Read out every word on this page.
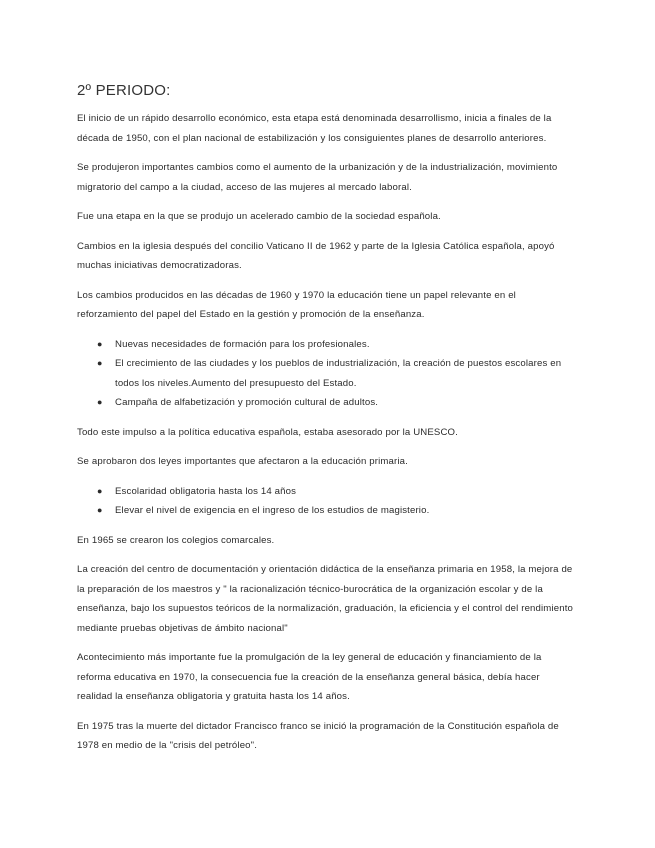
2º PERIODO:

El inicio de un rápido desarrollo económico, esta etapa está denominada desarrollismo, inicia a finales de la década de 1950, con el plan nacional de estabilización y los consiguientes planes de desarrollo anteriores.

Se produjeron importantes cambios como el aumento de la urbanización y de la industrialización, movimiento migratorio del campo a la ciudad, acceso de las mujeres al mercado laboral.

Fue una etapa en la que se produjo un acelerado cambio de la sociedad española.

Cambios en la iglesia después del concilio Vaticano II de 1962 y parte de la Iglesia Católica española, apoyó muchas iniciativas democratizadoras.

Los cambios producidos en las décadas de 1960 y 1970 la educación tiene un papel relevante en el reforzamiento del papel del Estado en la gestión y promoción de la enseñanza.

● Nuevas necesidades de formación para los profesionales.
● El crecimiento de las ciudades y los pueblos de industrialización, la creación de puestos escolares en todos los niveles.Aumento del presupuesto del Estado.
● Campaña de alfabetización y promoción cultural de adultos.

Todo este impulso a la política educativa española, estaba asesorado por la UNESCO.

Se aprobaron dos leyes importantes que afectaron a la educación primaria.

● Escolaridad obligatoria hasta los 14 años
● Elevar el nivel de exigencia en el ingreso de los estudios de magisterio.

En 1965 se crearon los colegios comarcales.

La creación del centro de documentación y orientación didáctica de la enseñanza primaria en 1958, la mejora de la preparación de los maestros y " la racionalización técnico-burocrática de la organización escolar y de la enseñanza, bajo los supuestos teóricos de la normalización, graduación, la eficiencia y el control del rendimiento mediante pruebas objetivas de ámbito nacional"

Acontecimiento más importante fue la promulgación de la ley general de educación y financiamiento de la reforma educativa en 1970, la consecuencia fue la creación de la enseñanza general básica, debía hacer realidad la enseñanza obligatoria y gratuita hasta los 14 años.

En 1975 tras la muerte del dictador Francisco franco se inició la programación de la Constitución española de 1978 en medio de la "crisis del petróleo".
